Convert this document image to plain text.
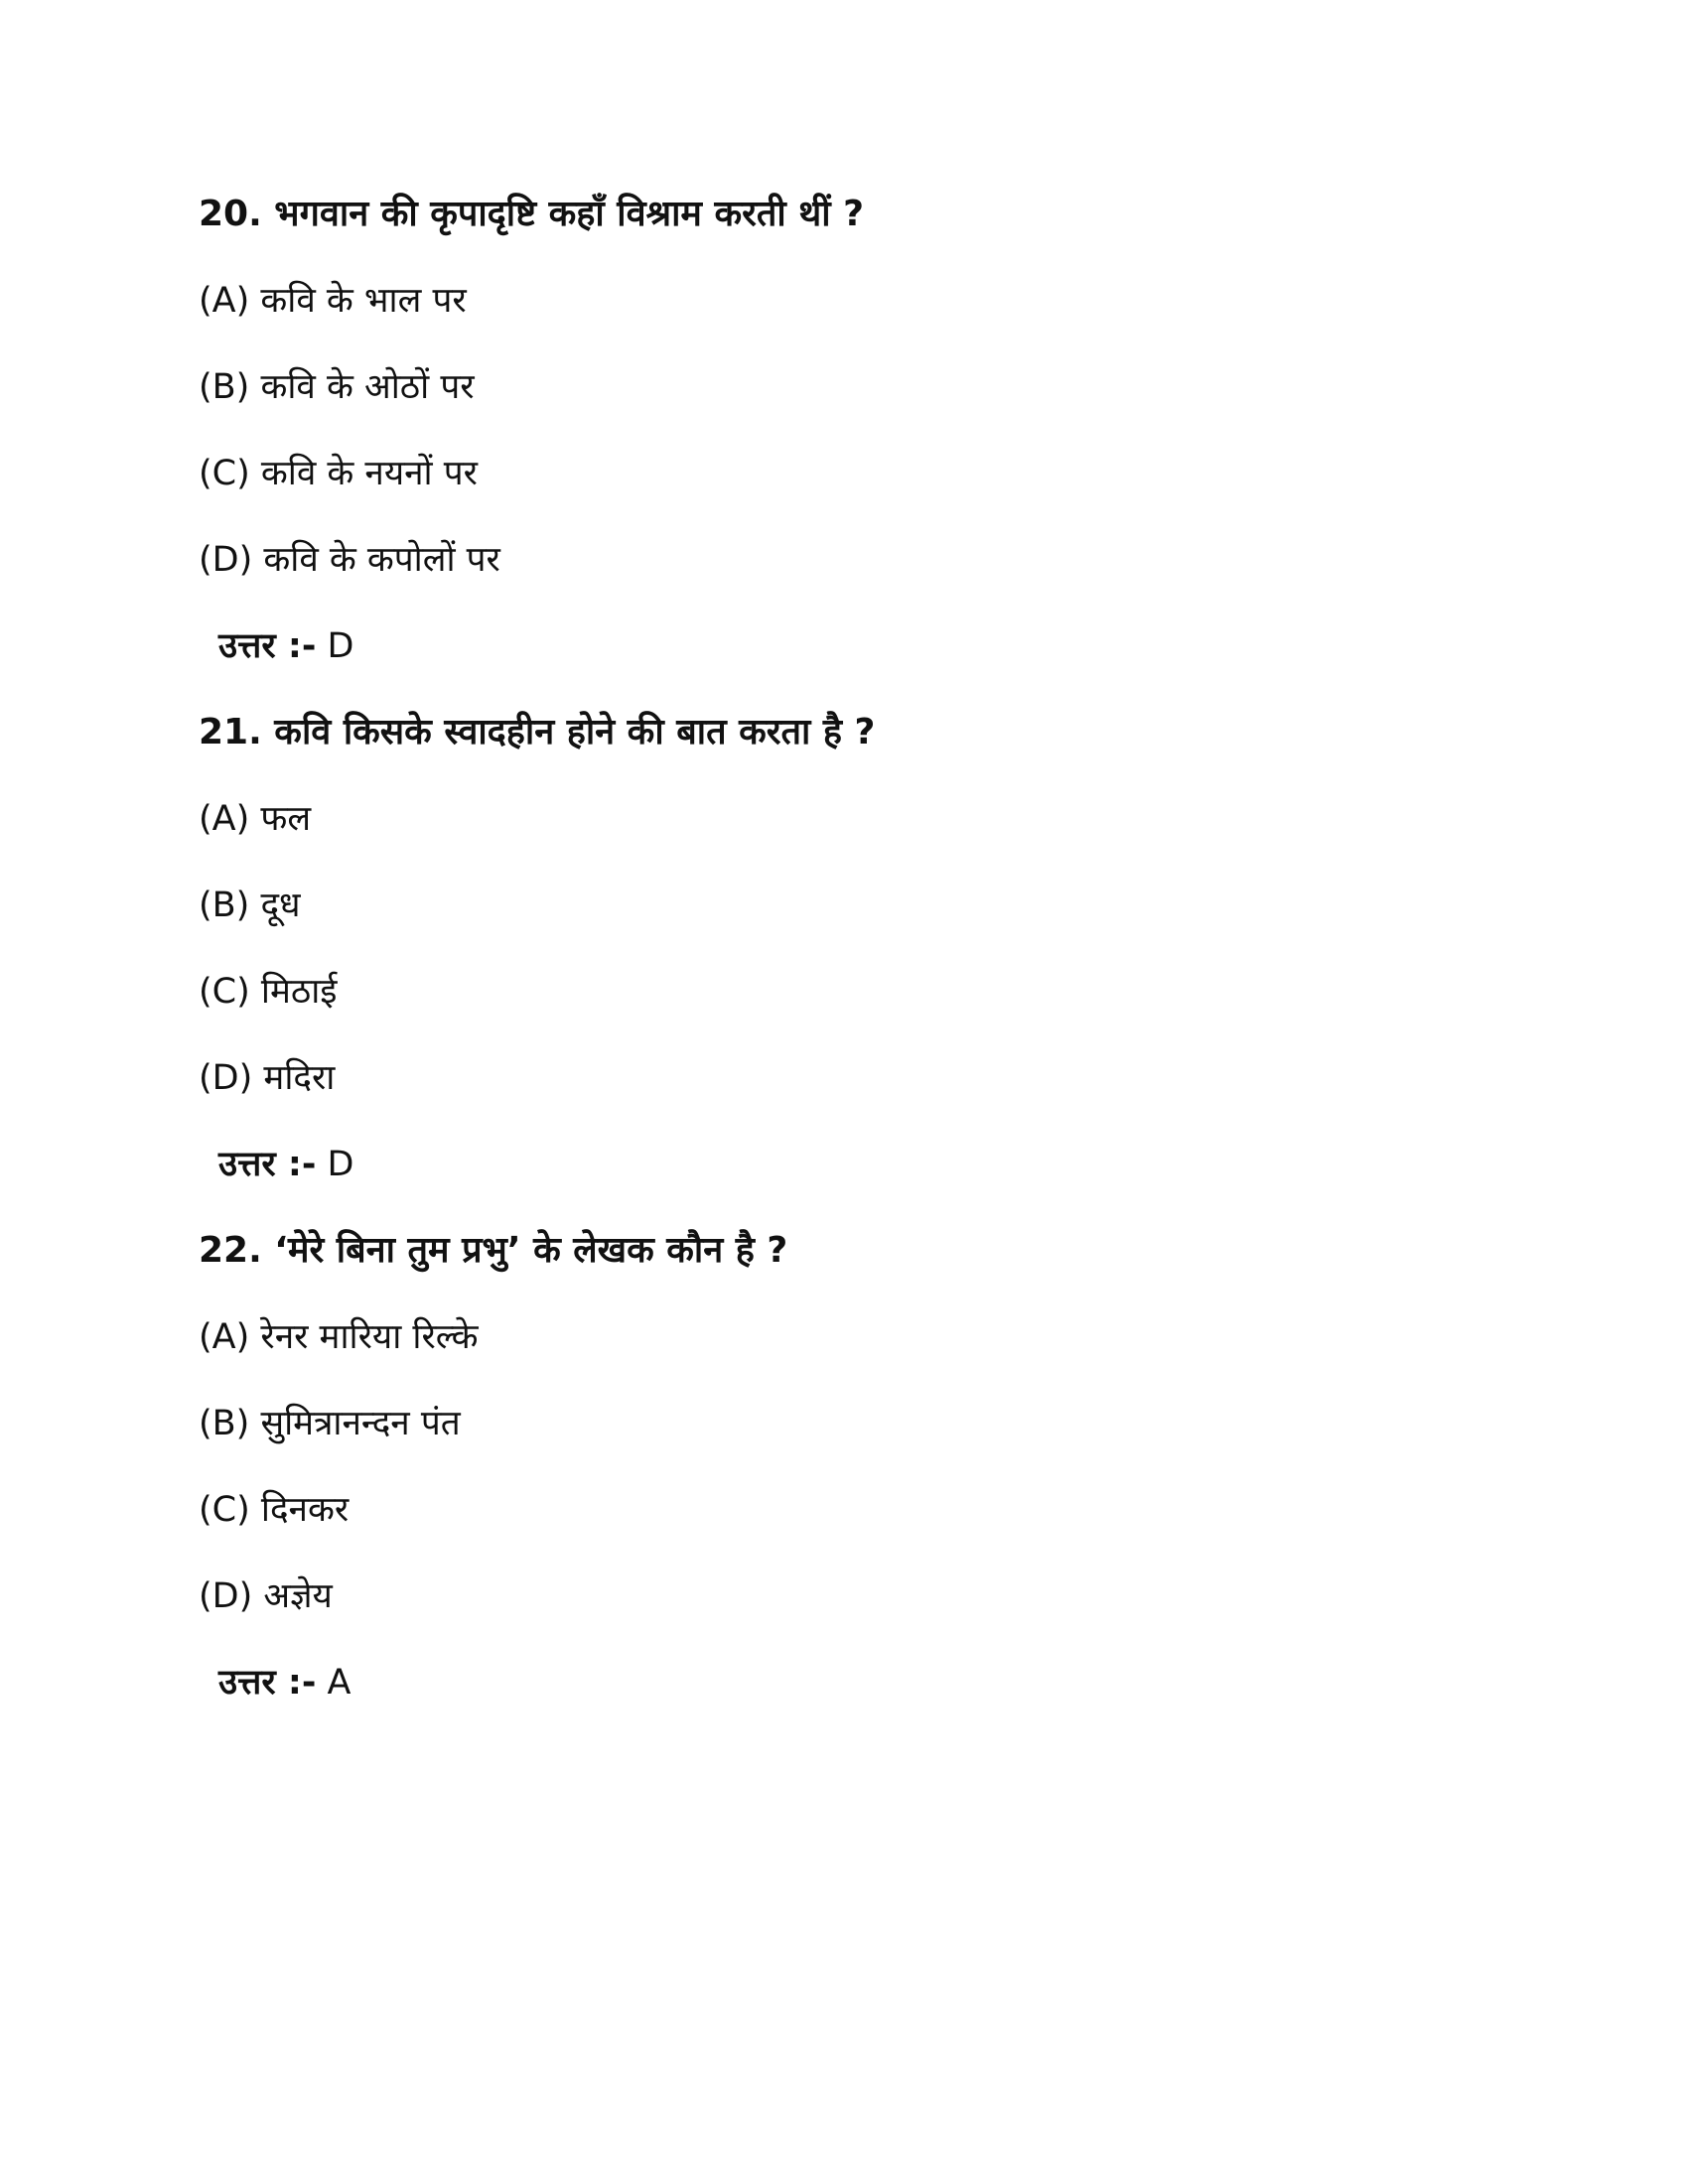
20. भगवान की कृपादृष्टि कहाँ विश्राम करती थीं ?
(A) कवि के भाल पर
(B) कवि के ओठों पर
(C) कवि के नयनों पर
(D) कवि के कपोलों पर
उत्तर :- D
21. कवि किसके स्वादहीन होने की बात करता है ?
(A) फल
(B) दूध
(C) मिठाई
(D) मदिरा
उत्तर :- D
22. ‘मेरे बिना तुम प्रभु’ के लेखक कौन है ?
(A) रेनर मारिया रिल्के
(B) सुमित्रानन्दन पंत
(C) दिनकर
(D) अज्ञेय
उत्तर :- A
